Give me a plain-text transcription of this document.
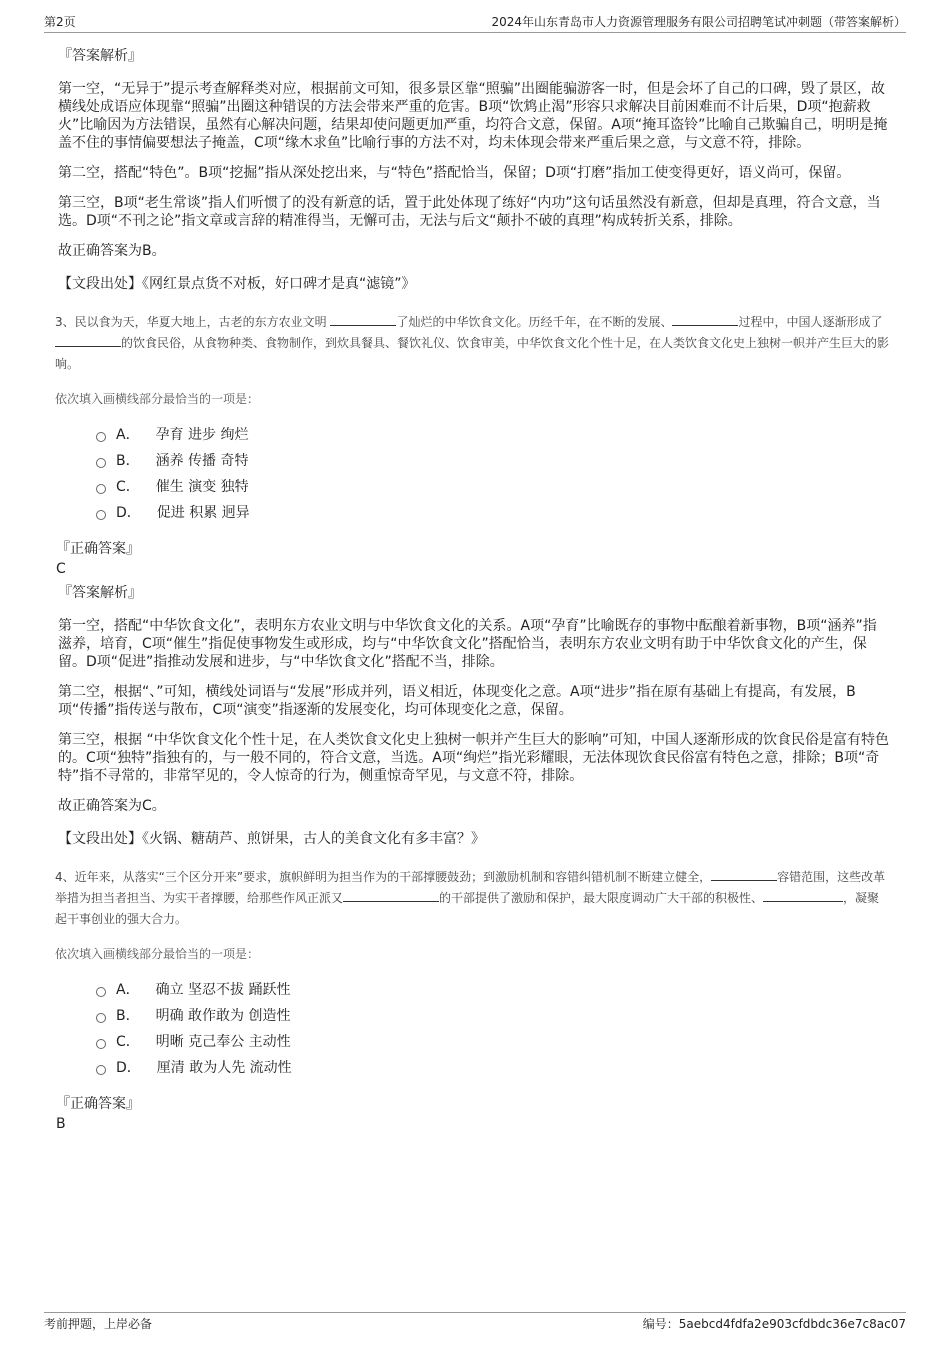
第2页	2024年山东青岛市人力资源管理服务有限公司招聘笔试冲刺题（带答案解析）
『答案解析』

第一空，“无异于”提示考查解释类对应，根据前文可知，很多景区靠“照骗”出圈能骗游客一时，但是会坏了自己的口碑，毁了景区，故横线处成语应体现靠“照骗”出圈这种错误的方法会带来严重的危害。B项“饮鸩止渴”形容只求解决目前困难而不计后果，D项“抱薪救火”比喻因为方法错误，虽然有心解决问题，结果却使问题更加严重，均符合文意，保留。A项“掩耳盗铃”比喻自己欺骗自己，明明是掩盖不住的事情偏要想法子掩盖，C项“缘木求鱼”比喻行事的方法不对，均未体现会带来严重后果之意，与文意不符，排除。

第二空，搭配“特色”。B项“挖掘”指从深处挖出来，与“特色”搭配恰当，保留；D项“打磨”指加工使变得更好，语义尚可，保留。

第三空，B项“老生常谈”指人们听惯了的没有新意的话，置于此处体现了练好“内功”这句话虽然没有新意，但却是真理，符合文意，当选。D项“不刊之论”指文章或言辞的精准得当，无懈可击，无法与后文“颠扑不破的真理”构成转折关系，排除。

故正确答案为B。

【文段出处】《网红景点货不对板，好口碑才是真“滤镜”》
3、民以食为天，华夏大地上，古老的东方农业文明	了灿烂的中华饮食文化。历经千年，在不断的发展、	过程中，中国人逐渐形成了的饮食民俗，从食物种类、食物制作，到炊具餐具、餐饮礼仪、饮食审美，中华饮食文化个性十足，在人类饮食文化史上独树一帜并产生巨大的影响。
依次填入画横线部分最恰当的一项是：
A． 孕育 进步 绚烂
B． 涵养 传播 奇特
C． 催生 演变 独特
D． 促进 积累 迥异
『正确答案』
C
『答案解析』

第一空，搭配“中华饮食文化”，表明东方农业文明与中华饮食文化的关系。A项“孕育”比喻既存的事物中酝酿着新事物，B项“涵养”指滋养，培育，C项“催生”指促使事物发生或形成，均与“中华饮食文化”搭配恰当，表明东方农业文明有助于中华饮食文化的产生，保留。D项“促进”指推动发展和进步，与“中华饮食文化”搭配不当，排除。

第二空，根据“、”可知，横线处词语与“发展”形成并列，语义相近，体现变化之意。A项“进步”指在原有基础上有提高，有发展，B项“传播”指传送与散布，C项“演变”指逐渐的发展变化，均可体现变化之意，保留。

第三空，根据 “中华饮食文化个性十足，在人类饮食文化史上独树一帜并产生巨大的影响”可知，中国人逐渐形成的饮食民俗是富有特色的。C项“独特”指独有的，与一般不同的，符合文意，当选。A项“绚烂”指光彩耀眼，无法体现饮食民俗富有特色之意，排除；B项“奇特”指不寻常的，非常罕见的，令人惊奇的行为，侧重惊奇罕见，与文意不符，排除。

故正确答案为C。

【文段出处】《火锅、糖葫芦、煎饼果，古人的美食文化有多丰富？》
4、近年来，从落实“三个区分开来”要求，旗帜鲜明为担当作为的干部撑腰鼓劲；到激励机制和容错纠错机制不断建立健全，	容错范围，这些改革举措为担当者担当、为实干者撑腰，给那些作风正派又	的干部提供了激励和保护，最大限度调动广大干部的积极性、	，凝聚起干事创业的强大合力。
依次填入画横线部分最恰当的一项是：
A． 确立 坚忍不拔 踊跃性
B． 明确 敢作敢为 创造性
C． 明晰 克己奉公 主动性
D． 厘清 敢为人先 流动性
『正确答案』
B
考前押题，上岸必备	编号：5aebcd4fdfa2e903cfdbdc36e7c8ac07
